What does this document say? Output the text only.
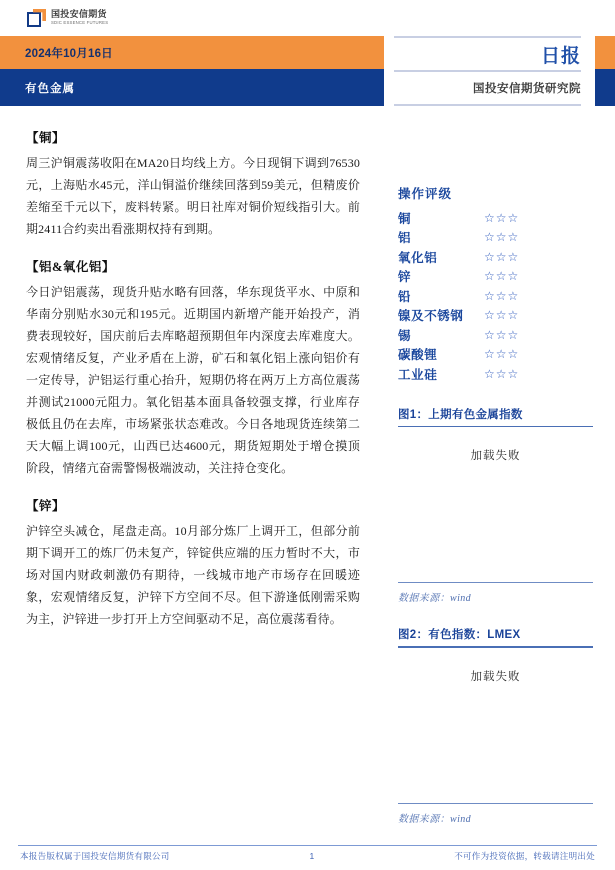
国投安信期货
SDIC ESSENCE FUTURES
2024年10月16日
有色金属
日报
国投安信期货研究院
【铜】
周三沪铜震荡收阳在MA20日均线上方。今日现铜下调到76530元，上海贴水45元，洋山铜溢价继续回落到59美元，但精废价差缩至千元以下，废料转紧。明日社库对铜价短线指引大。前期2411合约卖出看涨期权持有到期。
【铝&氧化铝】
今日沪铝震荡，现货升贴水略有回落，华东现货平水、中原和华南分别贴水30元和195元。近期国内新增产能开始投产，消费表现较好，国庆前后去库略超预期但年内深度去库难度大。宏观情绪反复，产业矛盾在上游，矿石和氧化铝上涨向铝价有一定传导，沪铝运行重心抬升，短期仍将在两万上方高位震荡并测试21000元阻力。氧化铝基本面具备较强支撑，行业库存极低且仍在去库，市场紧张状态难改。今日各地现货连续第二天大幅上调100元，山西已达4600元，期货短期处于增仓摸顶阶段，情绪亢奋需警惕极端波动，关注持仓变化。
【锌】
沪锌空头减仓，尾盘走高。10月部分炼厂上调开工，但部分前期下调开工的炼厂仍未复产，锌锭供应端的压力暂时不大，市场对国内财政刺激仍有期待，一线城市地产市场存在回暖迹象，宏观情绪反复，沪锌下方空间不尽。但下游逢低刚需采购为主，沪锌进一步打开上方空间驱动不足，高位震荡看待。
操作评级
铜	☆☆☆
铝	☆☆☆
氧化铝	☆☆☆
锌	☆☆☆
铅	☆☆☆
镍及不锈钢	☆☆☆
锡	☆☆☆
碳酸锂	☆☆☆
工业硅	☆☆☆
图1：上期有色金属指数
加载失败
数据来源：wind
图2：有色指数：LMEX
加载失败
数据来源：wind
本报告版权属于国投安信期货有限公司	1	不可作为投资依据，转载请注明出处
